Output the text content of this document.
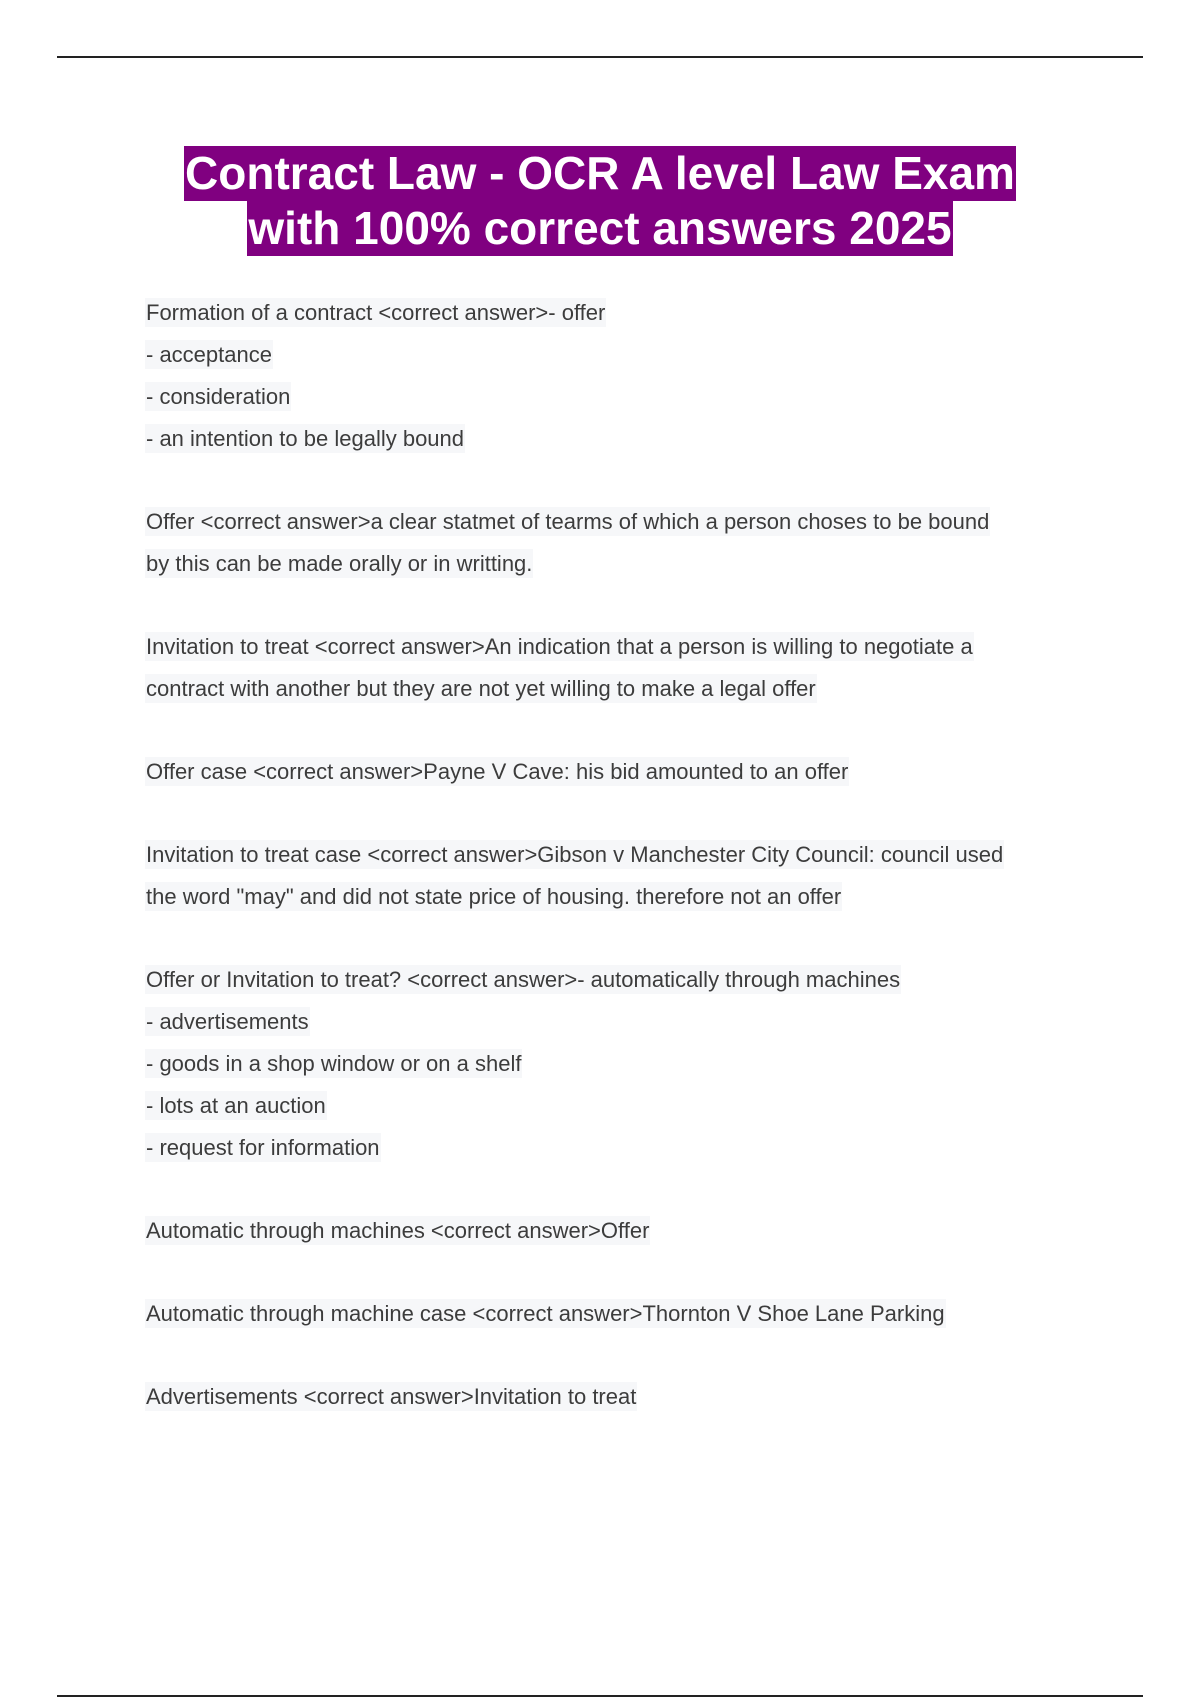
Contract Law - OCR A level Law Exam
with 100% correct answers 2025
Formation of a contract <correct answer>- offer
- acceptance
- consideration
- an intention to be legally bound
Offer <correct answer>a clear statmet of tearms of which a person choses to be bound
by this can be made orally or in writting.
Invitation to treat <correct answer>An indication that a person is willing to negotiate a
contract with another but they are not yet willing to make a legal offer
Offer case <correct answer>Payne V Cave: his bid amounted to an offer
Invitation to treat case <correct answer>Gibson v Manchester City Council: council used
the word "may" and did not state price of housing. therefore not an offer
Offer or Invitation to treat? <correct answer>- automatically through machines
- advertisements
- goods in a shop window or on a shelf
- lots at an auction
- request for information
Automatic through machines <correct answer>Offer
Automatic through machine case <correct answer>Thornton V Shoe Lane Parking
Advertisements <correct answer>Invitation to treat
